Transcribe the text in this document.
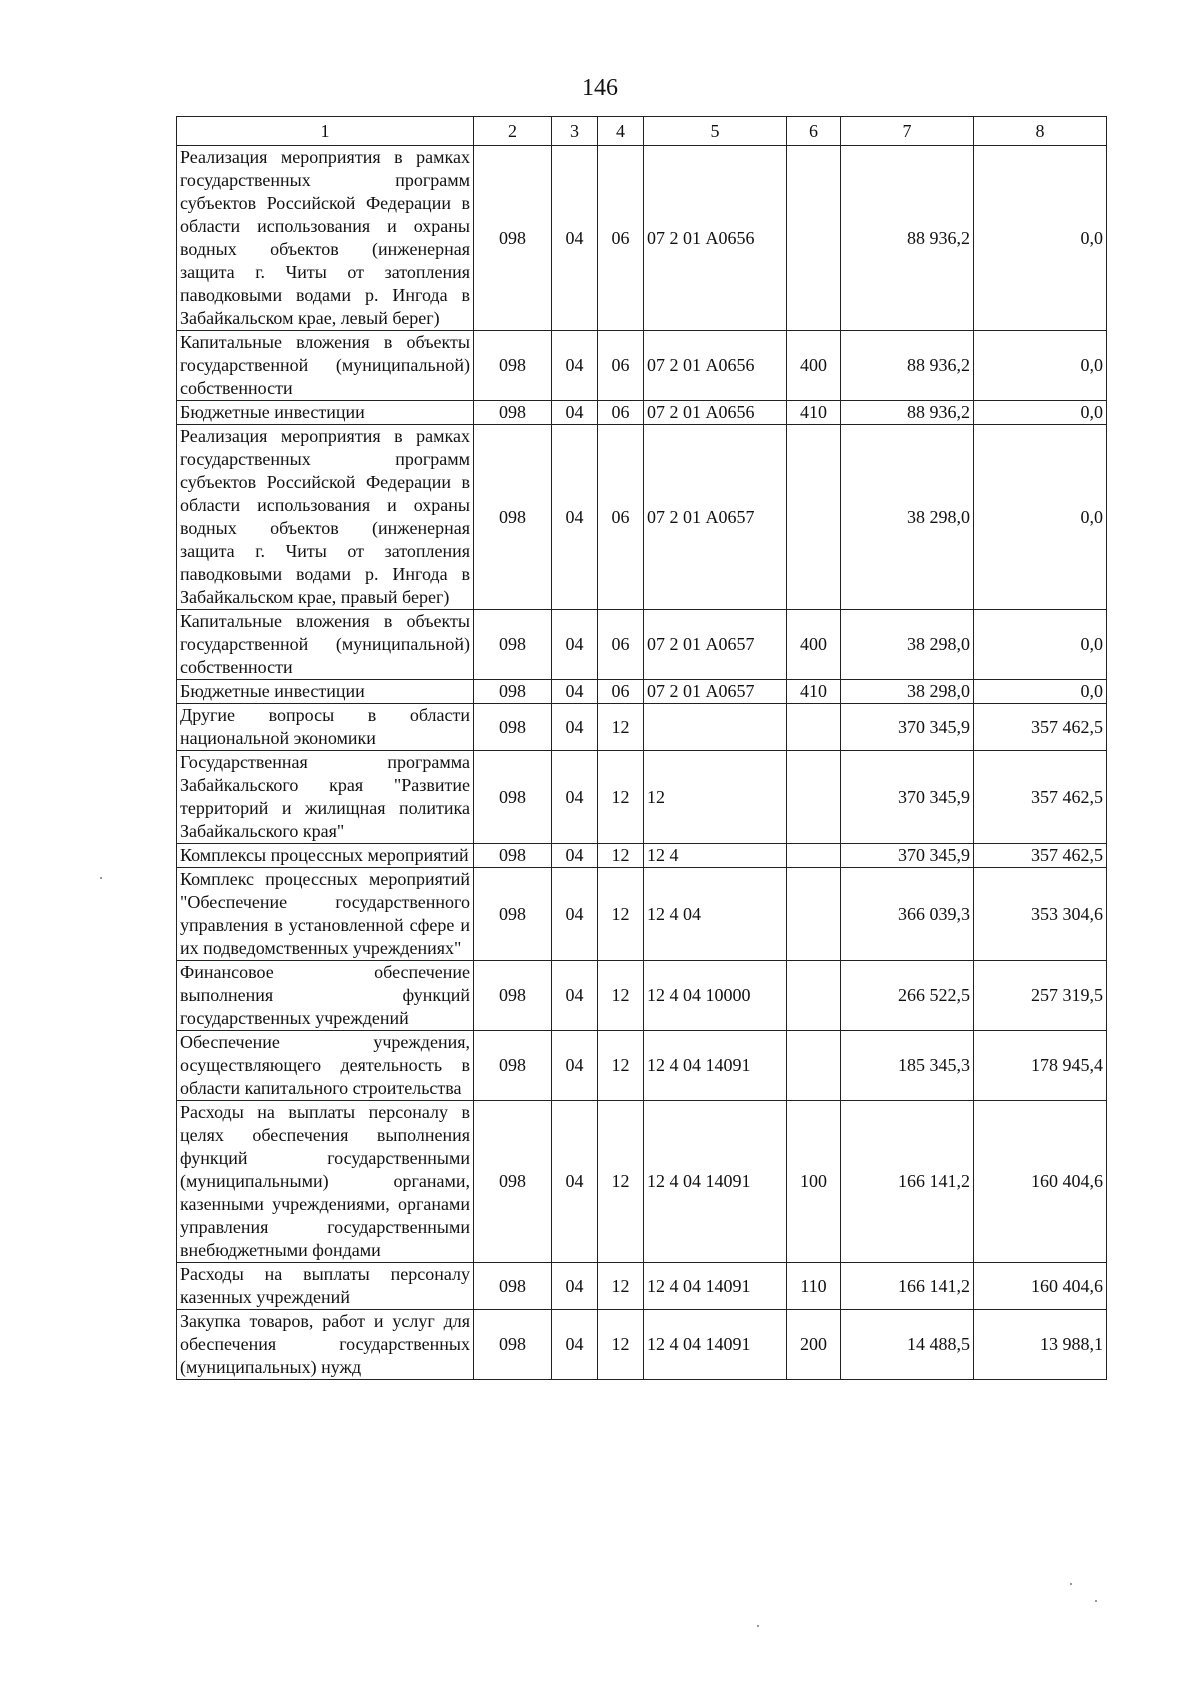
146
1	2	3	4	5	6	7	8
Реализация мероприятия в рамках государственных программ субъектов Российской Федерации в области использования и охраны водных объектов (инженерная защита г. Читы от затопления паводковыми водами р. Ингода в Забайкальском крае, левый берег)	098	04	06	07 2 01 А0656		88 936,2	0,0
Капитальные вложения в объекты государственной (муниципальной) собственности	098	04	06	07 2 01 А0656	400	88 936,2	0,0
Бюджетные инвестиции	098	04	06	07 2 01 А0656	410	88 936,2	0,0
Реализация мероприятия в рамках государственных программ субъектов Российской Федерации в области использования и охраны водных объектов (инженерная защита г. Читы от затопления паводковыми водами р. Ингода в Забайкальском крае, правый берег)	098	04	06	07 2 01 А0657		38 298,0	0,0
Капитальные вложения в объекты государственной (муниципальной) собственности	098	04	06	07 2 01 А0657	400	38 298,0	0,0
Бюджетные инвестиции	098	04	06	07 2 01 А0657	410	38 298,0	0,0
Другие вопросы в области национальной экономики	098	04	12			370 345,9	357 462,5
Государственная программа Забайкальского края "Развитие территорий и жилищная политика Забайкальского края"	098	04	12	12		370 345,9	357 462,5
Комплексы процессных мероприятий	098	04	12	12 4		370 345,9	357 462,5
Комплекс процессных мероприятий "Обеспечение государственного управления в установленной сфере и их подведомственных учреждениях"	098	04	12	12 4 04		366 039,3	353 304,6
Финансовое обеспечение выполнения функций государственных учреждений	098	04	12	12 4 04 10000		266 522,5	257 319,5
Обеспечение учреждения, осуществляющего деятельность в области капитального строительства	098	04	12	12 4 04 14091		185 345,3	178 945,4
Расходы на выплаты персоналу в целях обеспечения выполнения функций государственными (муниципальными) органами, казенными учреждениями, органами управления государственными внебюджетными фондами	098	04	12	12 4 04 14091	100	166 141,2	160 404,6
Расходы на выплаты персоналу казенных учреждений	098	04	12	12 4 04 14091	110	166 141,2	160 404,6
Закупка товаров, работ и услуг для обеспечения государственных (муниципальных) нужд	098	04	12	12 4 04 14091	200	14 488,5	13 988,1
